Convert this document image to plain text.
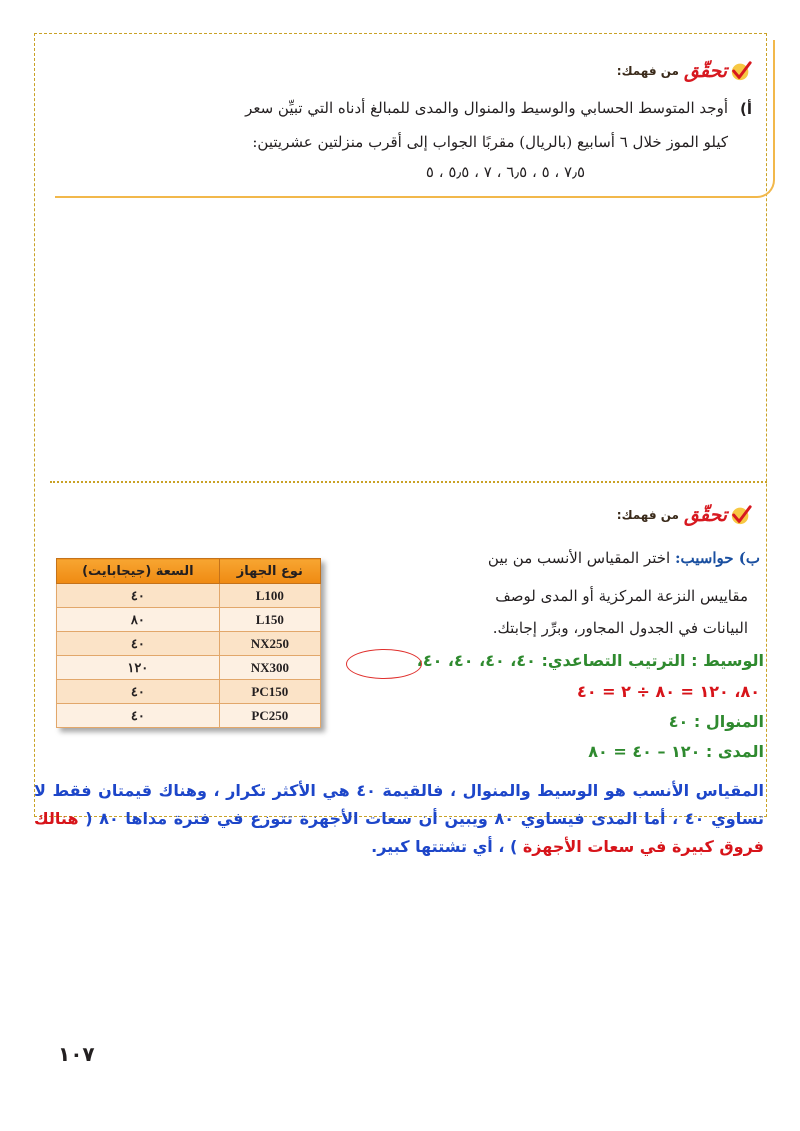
تحقّق
من فهمك:
أ)
أوجد المتوسط الحسابي والوسيط والمنوال والمدى للمبالغ أدناه التي تبيِّن سعر
كيلو الموز خلال ٦ أسابيع (بالريال) مقربًا الجواب إلى أقرب منزلتين عشريتين:
٧٫٥ ، ٥ ، ٦٫٥ ، ٧ ، ٥٫٥ ، ٥
تحقّق
من فهمك:
ب) حواسيب: اختر المقياس الأنسب من بين
مقاييس النزعة المركزية أو المدى لوصف
البيانات في الجدول المجاور، وبرِّر إجابتك.
السعة (جيجابايت)	نوع الجهاز
٤٠	L100
٨٠	L150
٤٠	NX250
١٢٠	NX300
٤٠	PC150
٤٠	PC250
الوسيط : الترتيب التصاعدي: ٤٠، ٤٠، ٤٠، ٤٠،
٨٠، ١٢٠ = ٨٠ ÷ ٢ = ٤٠
المنوال : ٤٠
المدى : ١٢٠ – ٤٠ = ٨٠
المقياس الأنسب هو الوسيط والمنوال ، فالقيمة ٤٠ هي الأكثر تكرار ، وهناك قيمتان فقط لا تساوي ٤٠ ، أما المدى فيساوي ٨٠ ويبين أن سعات الأجهزة تتوزع في فترة مداها ٨٠ ( هنالك فروق كبيرة في سعات الأجهزة ) ، أي تشتتها كبير.
١٠٧
